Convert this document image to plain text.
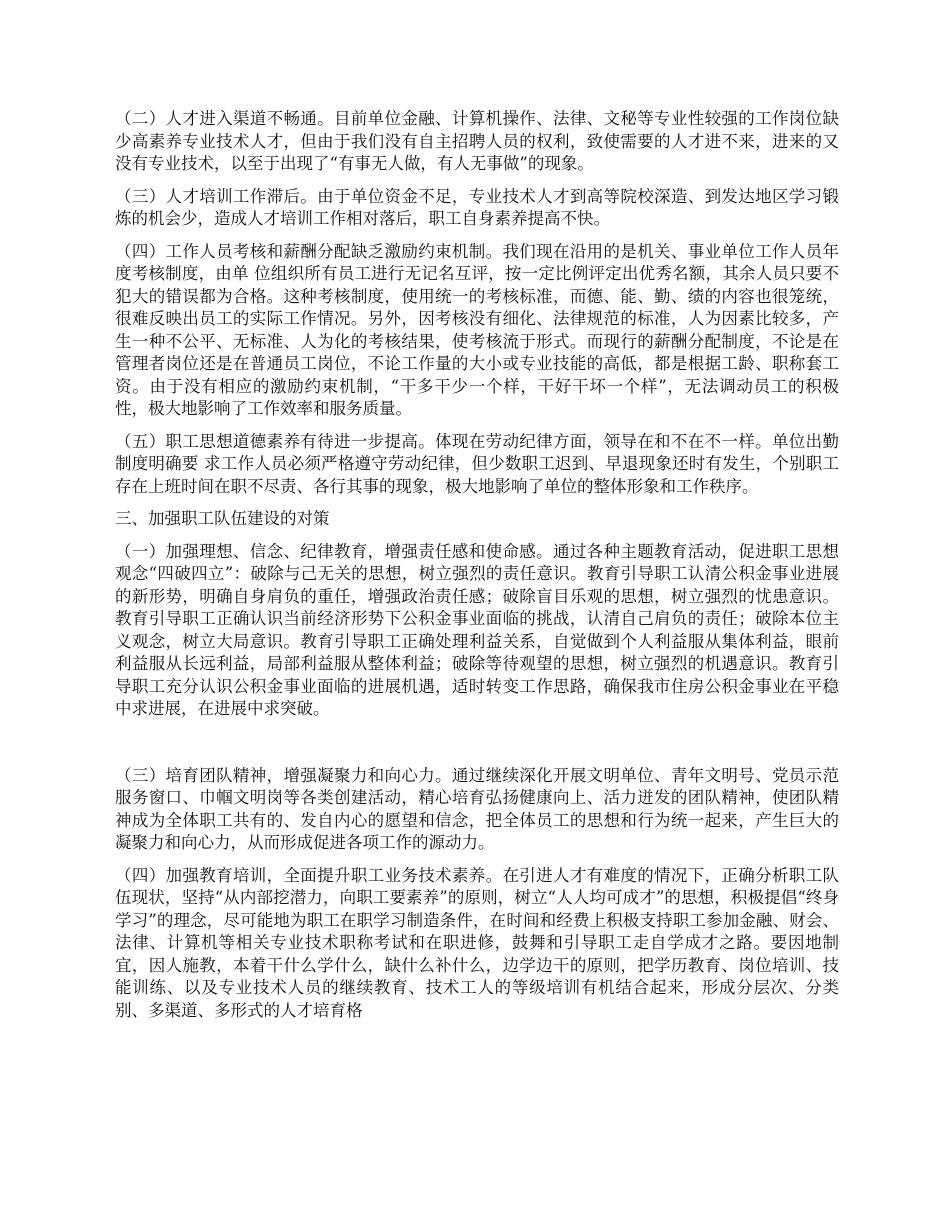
（二）人才进入渠道不畅通。目前单位金融、计算机操作、法律、文秘等专业性较强的工作岗位缺少高素养专业技术人才，但由于我们没有自主招聘人员的权利，致使需要的人才进不来，进来的又没有专业技术，以至于出现了“有事无人做，有人无事做”的现象。

（三）人才培训工作滞后。由于单位资金不足，专业技术人才到高等院校深造、到发达地区学习锻炼的机会少，造成人才培训工作相对落后，职工自身素养提高不快。

（四）工作人员考核和薪酬分配缺乏激励约束机制。我们现在沿用的是机关、事业单位工作人员年度考核制度，由单 位组织所有员工进行无记名互评，按一定比例评定出优秀名额，其余人员只要不犯大的错误都为合格。这种考核制度，使用统一的考核标准，而德、能、勤、绩的内容也很笼统，很难反映出员工的实际工作情况。另外，因考核没有细化、法律规范的标准，人为因素比较多，产生一种不公平、无标准、人为化的考核结果，使考核流于形式。而现行的薪酬分配制度，不论是在管理者岗位还是在普通员工岗位，不论工作量的大小或专业技能的高低，都是根据工龄、职称套工资。由于没有相应的激励约束机制，“干多干少一个样，干好干坏一个样”，无法调动员工的积极性，极大地影响了工作效率和服务质量。

（五）职工思想道德素养有待进一步提高。体现在劳动纪律方面，领导在和不在不一样。单位出勤制度明确要 求工作人员必须严格遵守劳动纪律，但少数职工迟到、早退现象还时有发生，个别职工存在上班时间在职不尽责、各行其事的现象，极大地影响了单位的整体形象和工作秩序。

三、加强职工队伍建设的对策

（一）加强理想、信念、纪律教育，增强责任感和使命感。通过各种主题教育活动，促进职工思想观念“四破四立”：破除与己无关的思想，树立强烈的责任意识。教育引导职工认清公积金事业进展的新形势，明确自身肩负的重任，增强政治责任感；破除盲目乐观的思想，树立强烈的忧患意识。教育引导职工正确认识当前经济形势下公积金事业面临的挑战，认清自己肩负的责任；破除本位主义观念，树立大局意识。教育引导职工正确处理利益关系，自觉做到个人利益服从集体利益，眼前利益服从长远利益，局部利益服从整体利益；破除等待观望的思想，树立强烈的机遇意识。教育引导职工充分认识公积金事业面临的进展机遇，适时转变工作思路，确保我市住房公积金事业在平稳中求进展，在进展中求突破。

（三）培育团队精神，增强凝聚力和向心力。通过继续深化开展文明单位、青年文明号、党员示范服务窗口、巾帼文明岗等各类创建活动，精心培育弘扬健康向上、活力迸发的团队精神，使团队精神成为全体职工共有的、发自内心的愿望和信念，把全体员工的思想和行为统一起来，产生巨大的凝聚力和向心力，从而形成促进各项工作的源动力。

（四）加强教育培训，全面提升职工业务技术素养。在引进人才有难度的情况下，正确分析职工队伍现状，坚持“从内部挖潜力，向职工要素养”的原则，树立“人人均可成才”的思想，积极提倡“终身学习”的理念，尽可能地为职工在职学习制造条件，在时间和经费上积极支持职工参加金融、财会、法律、计算机等相关专业技术职称考试和在职进修，鼓舞和引导职工走自学成才之路。要因地制宜，因人施教，本着干什么学什么，缺什么补什么，边学边干的原则，把学历教育、岗位培训、技能训练、以及专业技术人员的继续教育、技术工人的等级培训有机结合起来，形成分层次、分类别、多渠道、多形式的人才培育格
